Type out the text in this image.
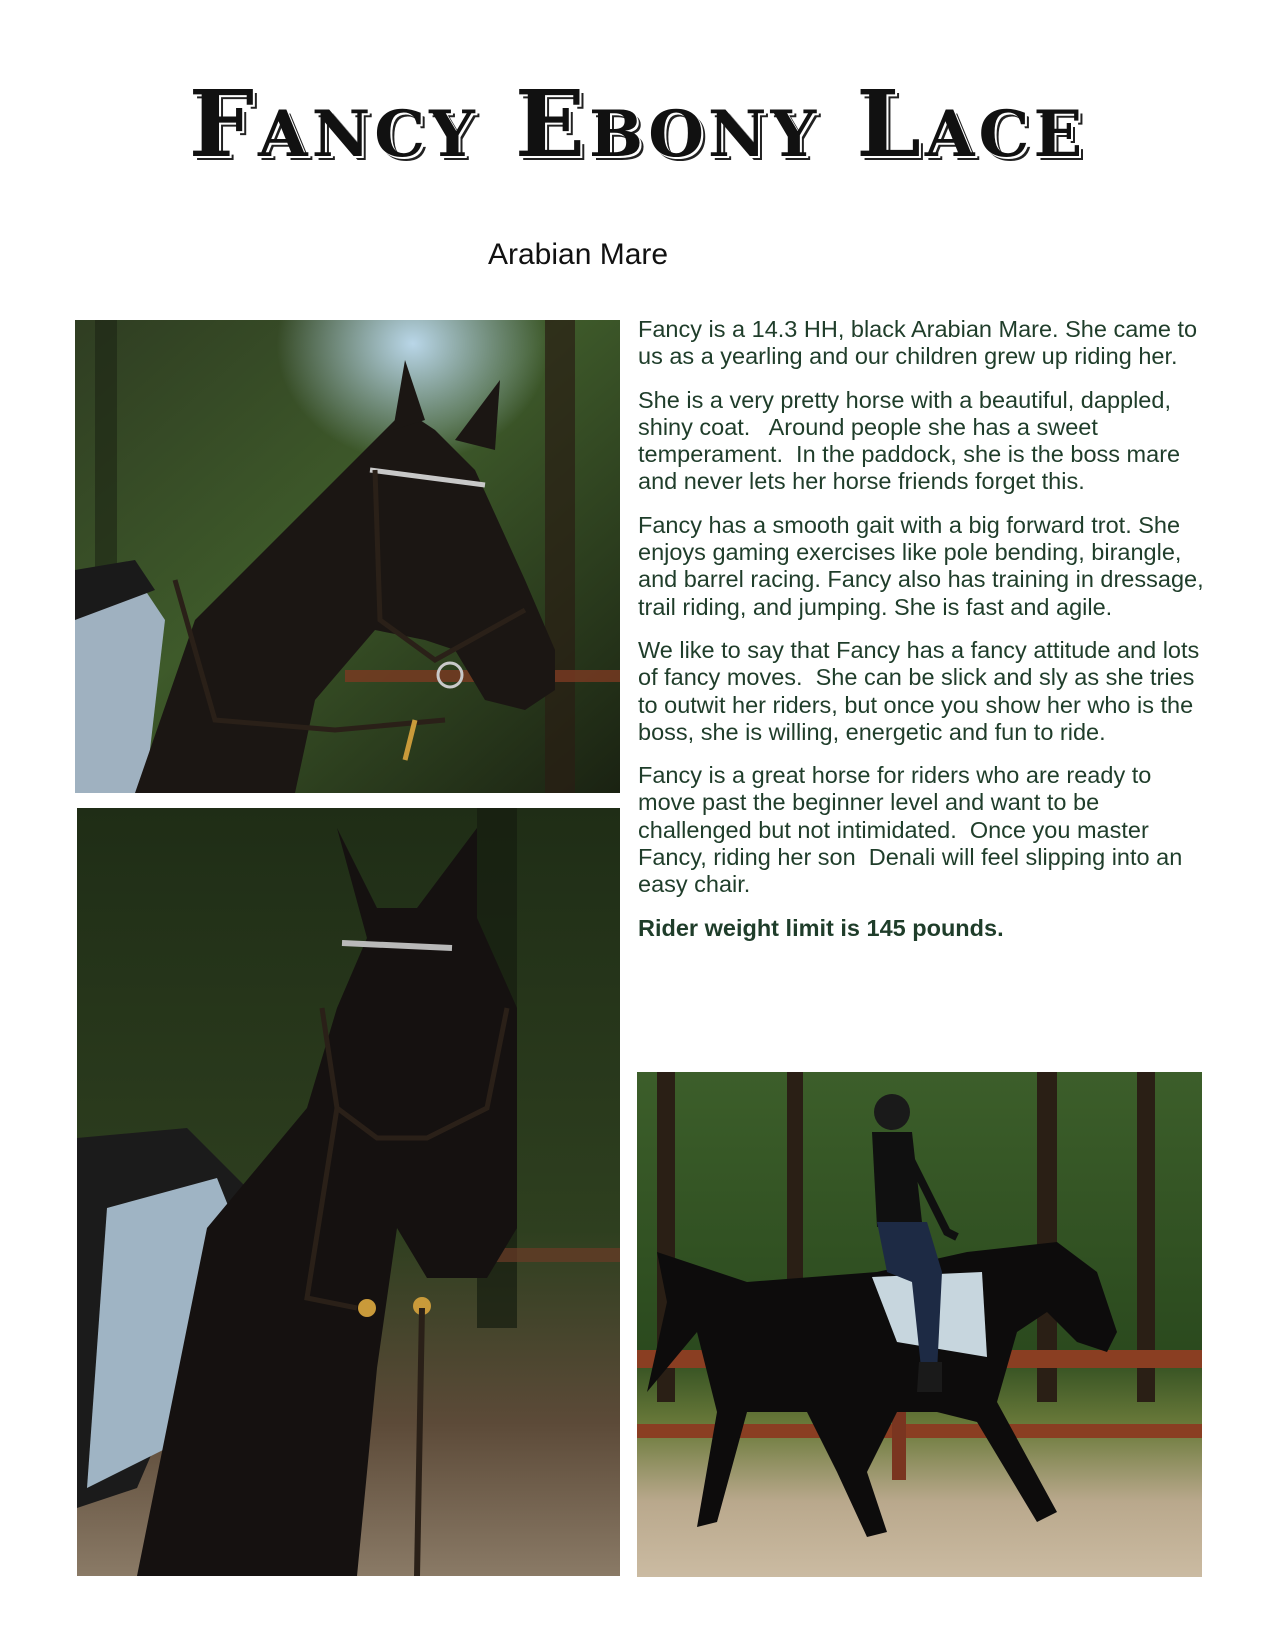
Fancy Ebony Lace
Arabian Mare

Fancy is a 14.3 HH, black Arabian Mare. She came to us as a yearling and our children grew up riding her.

She is a very pretty horse with a beautiful, dappled, shiny coat.   Around people she has a sweet temperament.  In the paddock, she is the boss mare and never lets her horse friends forget this.

Fancy has a smooth gait with a big forward trot. She enjoys gaming exercises like pole bending, birangle, and barrel racing. Fancy also has training in dressage, trail riding, and jumping. She is fast and agile.

We like to say that Fancy has a fancy attitude and lots of fancy moves.  She can be slick and sly as she tries to outwit her riders, but once you show her who is the boss, she is willing, energetic and fun to ride.

Fancy is a great horse for riders who are ready to move past the beginner level and want to be challenged but not intimidated.  Once you master Fancy, riding her son  Denali will feel slipping into an easy chair.

Rider weight limit is 145 pounds.
